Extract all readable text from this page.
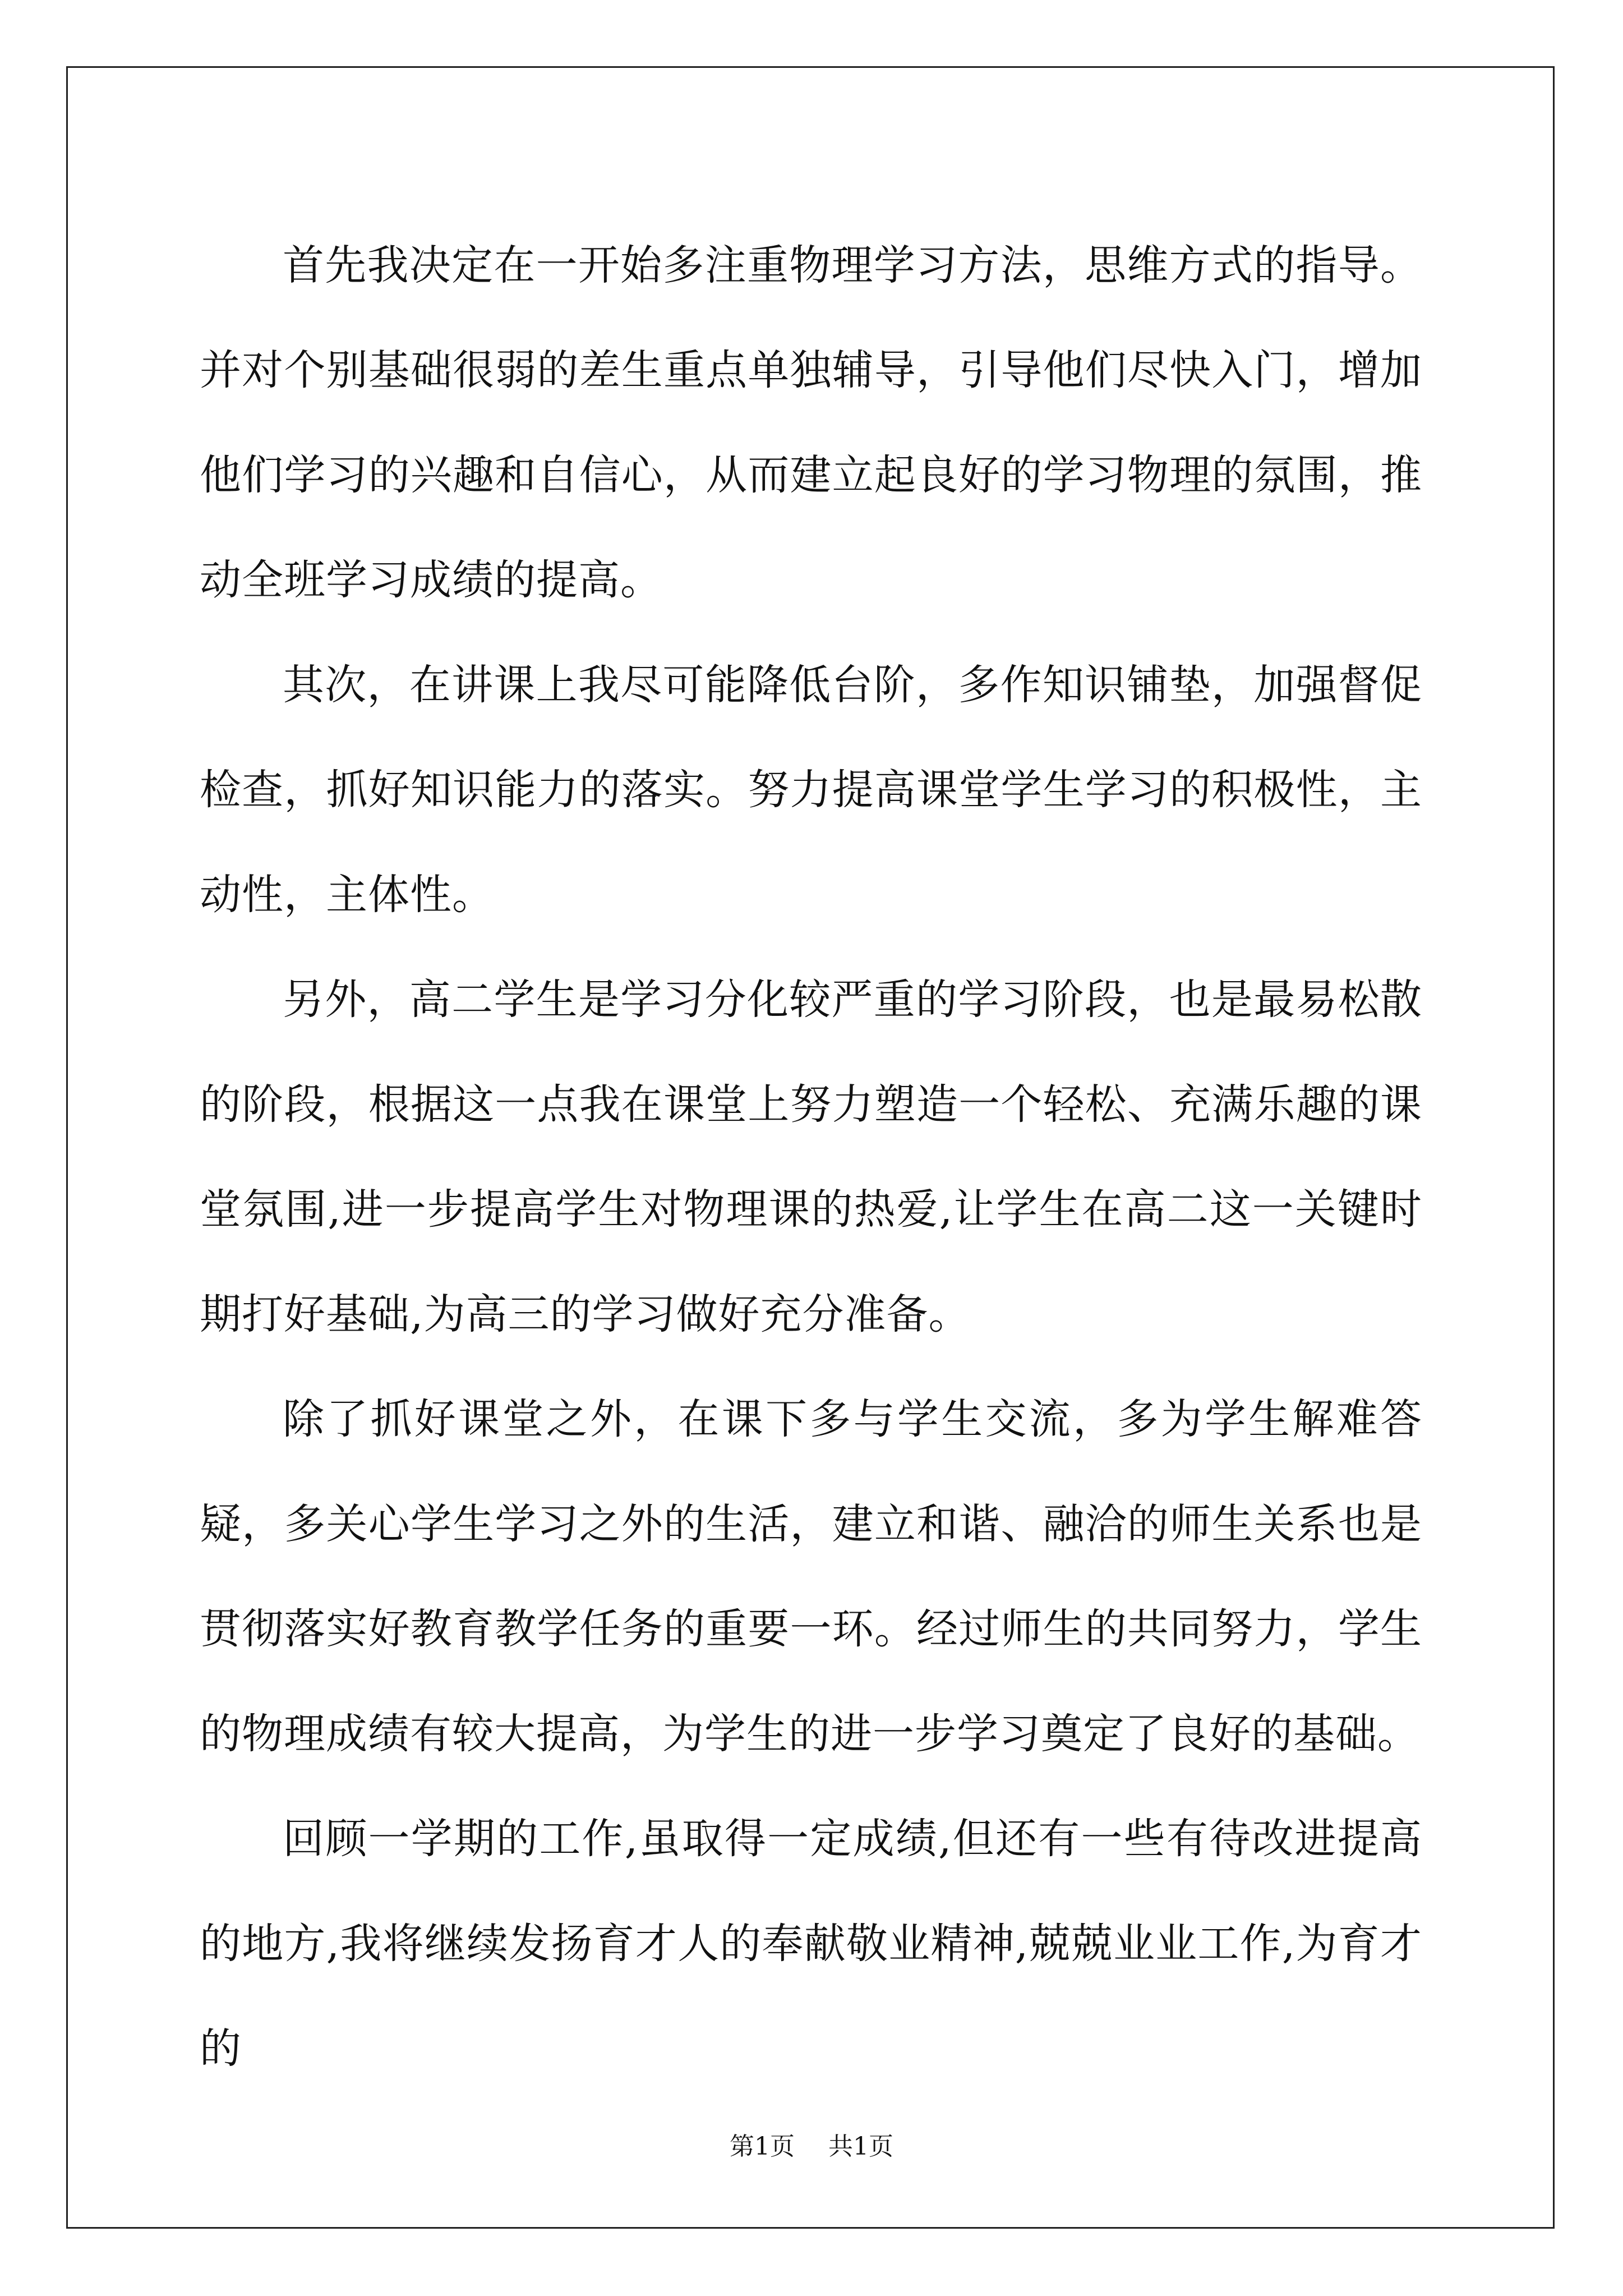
首先我决定在一开始多注重物理学习方法，思维方式的指导。并对个别基础很弱的差生重点单独辅导，引导他们尽快入门，增加他们学习的兴趣和自信心，从而建立起良好的学习物理的氛围，推动全班学习成绩的提高。

其次，在讲课上我尽可能降低台阶，多作知识铺垫，加强督促检查，抓好知识能力的落实。努力提高课堂学生学习的积极性，主动性，主体性。

另外，高二学生是学习分化较严重的学习阶段，也是最易松散的阶段，根据这一点我在课堂上努力塑造一个轻松、充满乐趣的课堂氛围,进一步提高学生对物理课的热爱,让学生在高二这一关键时期打好基础,为高三的学习做好充分准备。

除了抓好课堂之外，在课下多与学生交流，多为学生解难答疑，多关心学生学习之外的生活，建立和谐、融洽的师生关系也是贯彻落实好教育教学任务的重要一环。经过师生的共同努力，学生的物理成绩有较大提高，为学生的进一步学习奠定了良好的基础。

回顾一学期的工作,虽取得一定成绩,但还有一些有待改进提高的地方,我将继续发扬育才人的奉献敬业精神,兢兢业业工作,为育才的

第1页 共1页
